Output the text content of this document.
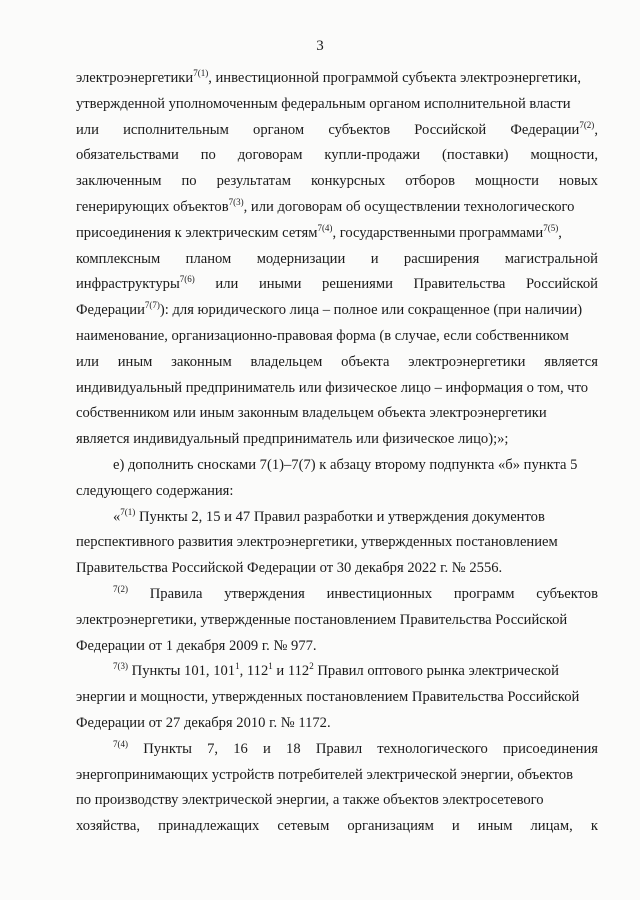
3
электроэнергетики$^{7(1)}$, инвестиционной программой субъекта электроэнергетики,
утвержденной уполномоченным федеральным органом исполнительной власти
или исполнительным органом субъектов Российской Федерации$^{7(2)}$,
обязательствами по договорам купли-продажи (поставки) мощности,
заключенным по результатам конкурсных отборов мощности новых
генерирующих объектов$^{7(3)}$, или договорам об осуществлении технологического
присоединения к электрическим сетям$^{7(4)}$, государственными программами$^{7(5)}$,
комплексным планом модернизации и расширения магистральной
инфраструктуры$^{7(6)}$ или иными решениями Правительства Российской
Федерации$^{7(7)}$): для юридического лица – полное или сокращенное (при наличии)
наименование, организационно-правовая форма (в случае, если собственником
или иным законным владельцем объекта электроэнергетики является
индивидуальный предприниматель или физическое лицо – информация о том, что
собственником или иным законным владельцем объекта электроэнергетики
является индивидуальный предприниматель или физическое лицо);»;
е) дополнить сносками 7(1)–7(7) к абзацу второму подпункта «б» пункта 5
следующего содержания:
«$^{7(1)}$ Пункты 2, 15 и 47 Правил разработки и утверждения документов
перспективного развития электроэнергетики, утвержденных постановлением
Правительства Российской Федерации от 30 декабря 2022 г. № 2556.
$^{7(2)}$ Правила утверждения инвестиционных программ субъектов
электроэнергетики, утвержденные постановлением Правительства Российской
Федерации от 1 декабря 2009 г. № 977.
$^{7(3)}$ Пункты 101, $101^1$, $112^1$ и $112^2$ Правил оптового рынка электрической
энергии и мощности, утвержденных постановлением Правительства Российской
Федерации от 27 декабря 2010 г. № 1172.
$^{7(4)}$ Пункты 7, 16 и 18 Правил технологического присоединения
энергопринимающих устройств потребителей электрической энергии, объектов
по производству электрической энергии, а также объектов электросетевого
хозяйства, принадлежащих сетевым организациям и иным лицам, к
